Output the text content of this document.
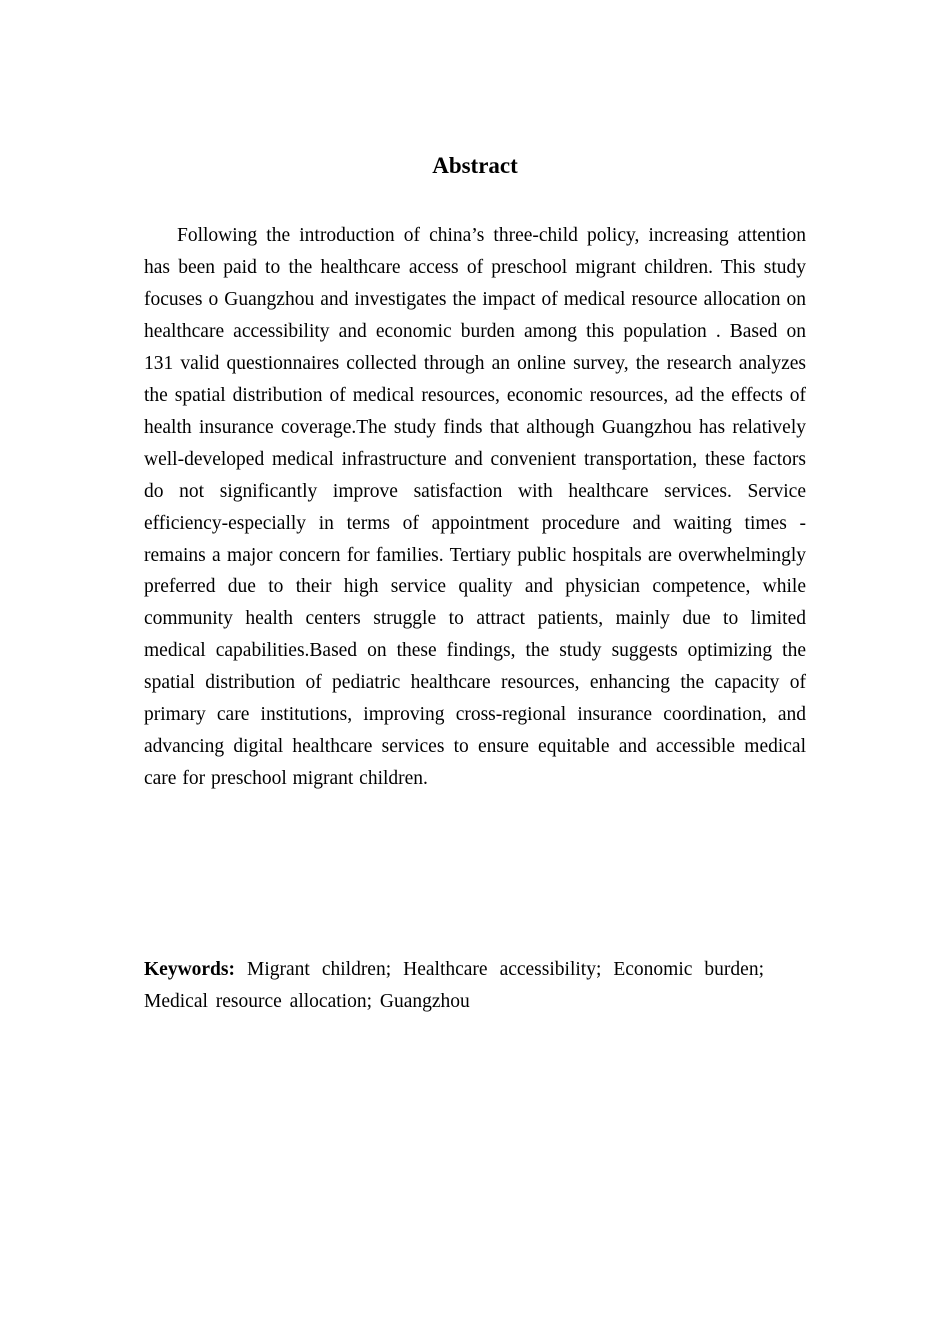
Abstract

Following the introduction of china’s three-child policy, increasing attention has been paid to the healthcare access of preschool migrant children. This study focuses o Guangzhou and investigates the impact of medical resource allocation on healthcare accessibility and economic burden among this population . Based on 131 valid questionnaires collected through an online survey, the research analyzes the spatial distribution of medical resources, economic resources, ad the effects of health insurance coverage.The study finds that although Guangzhou has relatively well-developed medical infrastructure and convenient transportation, these factors do not significantly improve satisfaction with healthcare services. Service efficiency-especially in terms of appointment procedure and waiting times -remains a major concern for families. Tertiary public hospitals are overwhelmingly preferred due to their high service quality and physician competence, while community health centers struggle to attract patients, mainly due to limited medical capabilities.Based on these findings, the study suggests optimizing the spatial distribution of pediatric healthcare resources, enhancing the capacity of primary care institutions, improving cross-regional insurance coordination, and advancing digital healthcare services to ensure equitable and accessible medical care for preschool migrant children.

Keywords: Migrant children; Healthcare accessibility; Economic burden; Medical resource allocation; Guangzhou
